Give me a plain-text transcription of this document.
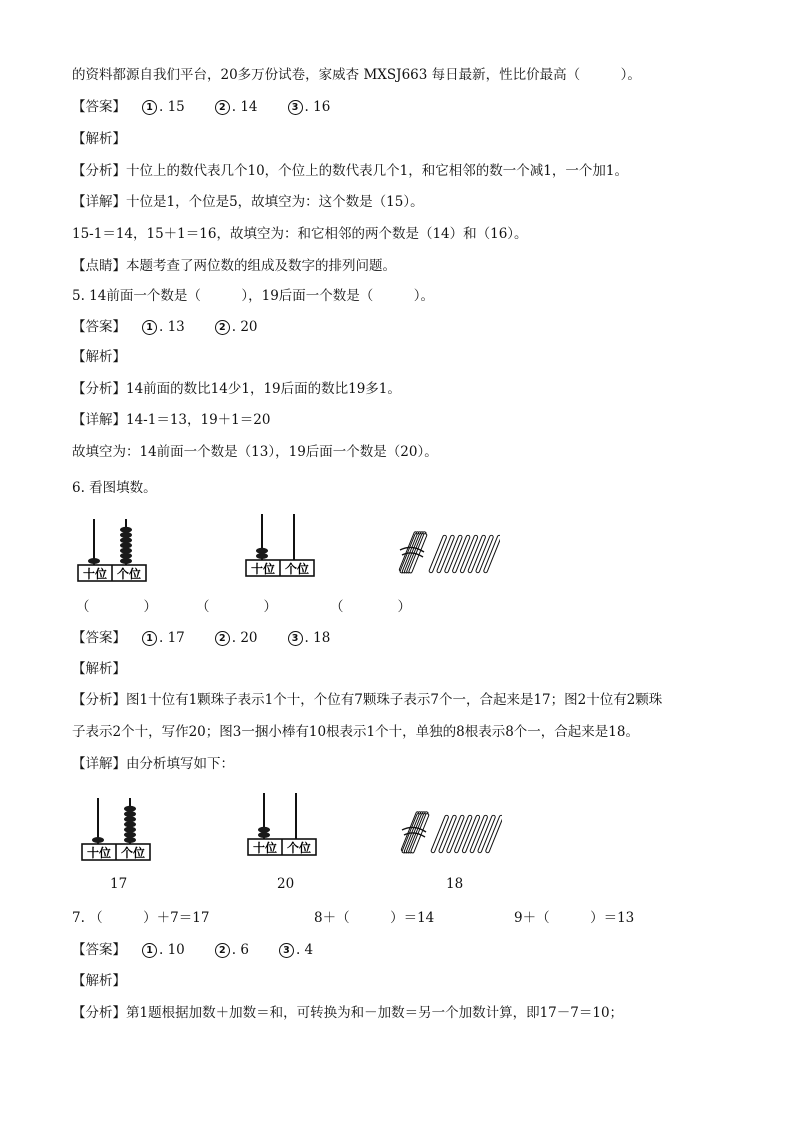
的资料都源自我们平台，20多万份试卷，家威杏 MXSJ663 每日最新，性比价最高（　　　）。
【答案】 1 . 15	2 . 14	3 . 16
【解析】
【分析】十位上的数代表几个10，个位上的数代表几个1，和它相邻的数一个减1，一个加1。
【详解】十位是1，个位是5，故填空为：这个数是（15）。
15-1＝14，15＋1＝16，故填空为：和它相邻的两个数是（14）和（16）。
【点睛】本题考查了两位数的组成及数字的排列问题。
5. 14前面一个数是（　　　），19后面一个数是（　　　）。
【答案】 1 . 13	2 . 20
【解析】
【分析】14前面的数比14少1，19后面的数比19多1。
【详解】14-1＝13，19＋1＝20
故填空为：14前面一个数是（13），19后面一个数是（20）。
6. 看图填数。
十位 个位	十位 个位
（　　　　）	（　　　　）	（　　　　）
【答案】 1 . 17	2 . 20	3 . 18
【解析】
【分析】图1十位有1颗珠子表示1个十，个位有7颗珠子表示7个一，合起来是17；图2十位有2颗珠
子表示2个十，写作20；图3一捆小棒有10根表示1个十，单独的8根表示8个一，合起来是18。
【详解】由分析填写如下：
十位 个位	十位 个位
17	20	18
7. （　　　）＋7＝17	8＋（　　　）＝14	9＋（　　　）＝13
【答案】 1 . 10	2 . 6	3 . 4
【解析】
【分析】第1题根据加数＋加数＝和，可转换为和－加数＝另一个加数计算，即17－7＝10；
